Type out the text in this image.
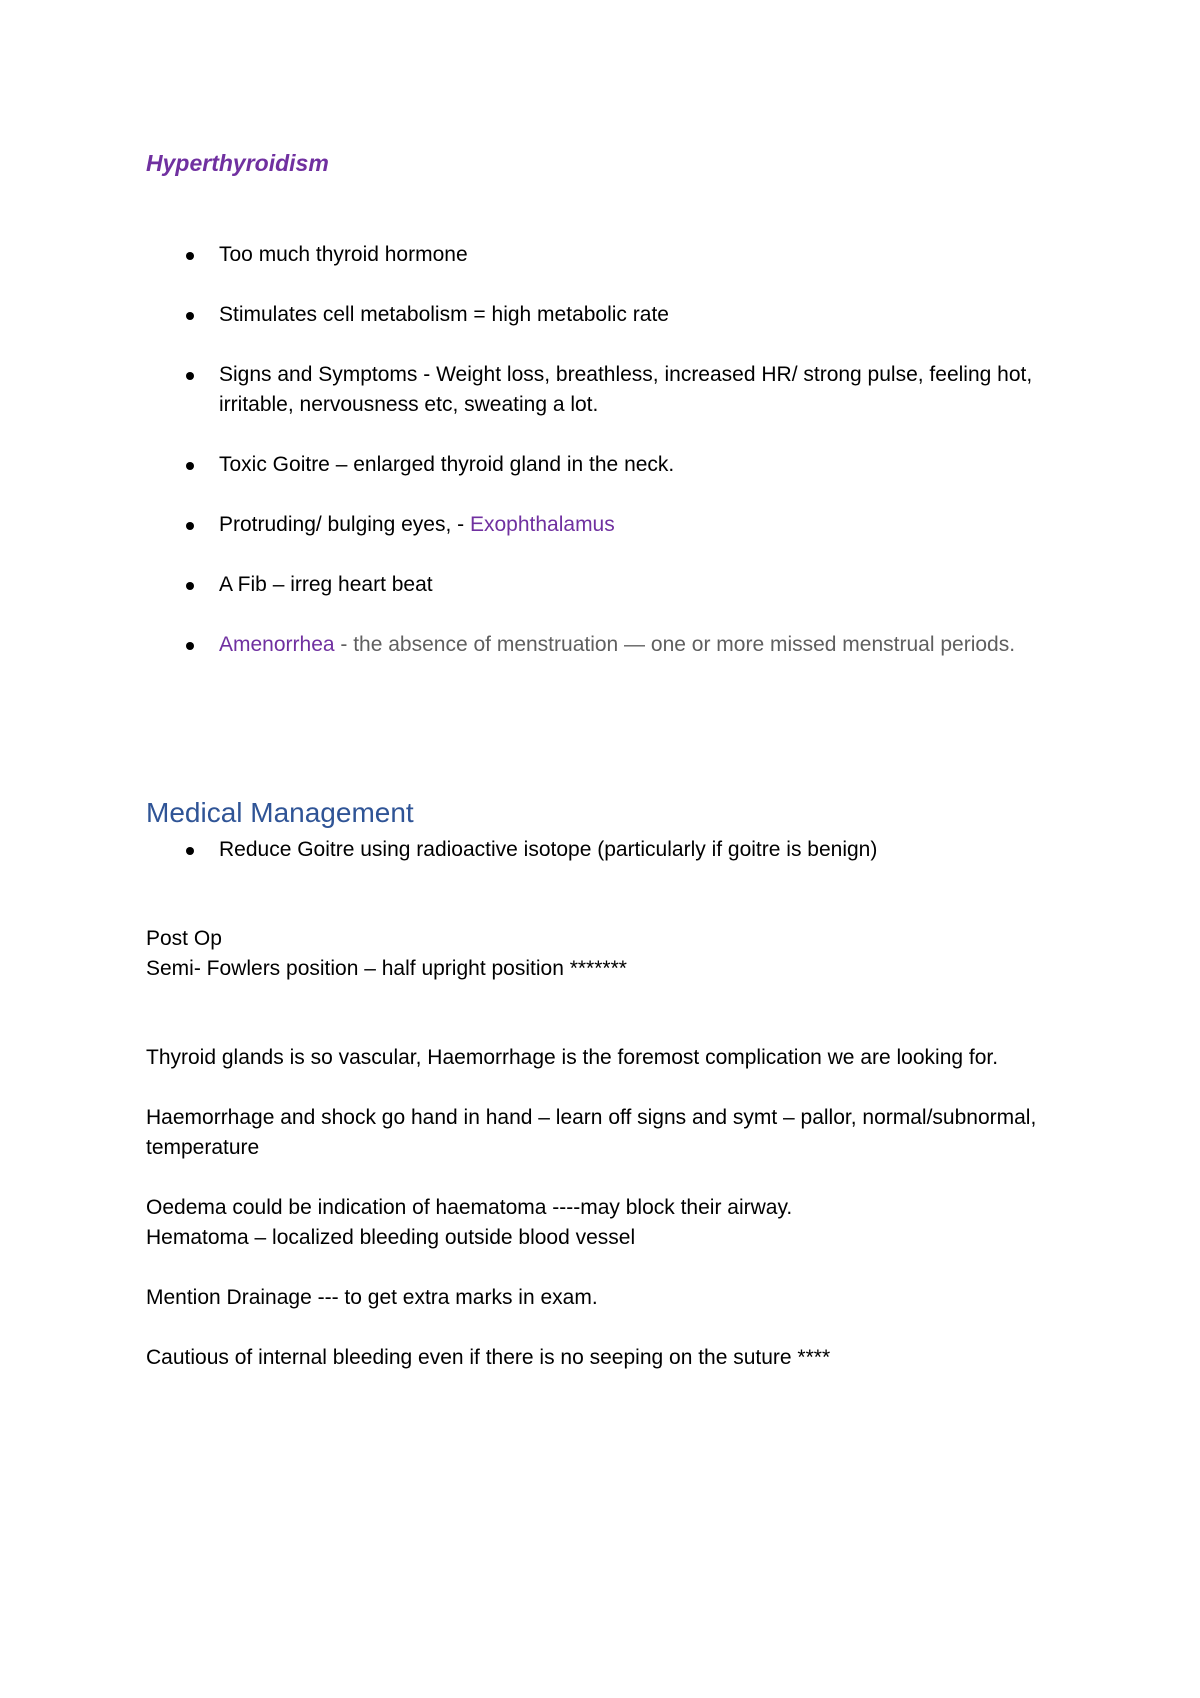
Hyperthyroidism
Too much thyroid hormone
Stimulates cell metabolism = high metabolic rate
Signs and Symptoms - Weight loss, breathless, increased HR/ strong pulse, feeling hot, irritable, nervousness etc, sweating a lot.
Toxic Goitre – enlarged thyroid gland in the neck.
Protruding/ bulging eyes, - Exophthalamus
A Fib – irreg heart beat
Amenorrhea - the absence of menstruation — one or more missed menstrual periods.
Medical Management
Reduce Goitre using radioactive isotope (particularly if goitre is benign)

Post Op

Semi- Fowlers position – half upright position *******

Thyroid glands is so vascular, Haemorrhage is the foremost complication we are looking for.

Haemorrhage and shock go hand in hand – learn off signs and symt – pallor, normal/subnormal, temperature

Oedema could be indication of haematoma ----may block their airway.

Hematoma – localized bleeding outside blood vessel

Mention Drainage --- to get extra marks in exam.

Cautious of internal bleeding even if there is no seeping on the suture ****
